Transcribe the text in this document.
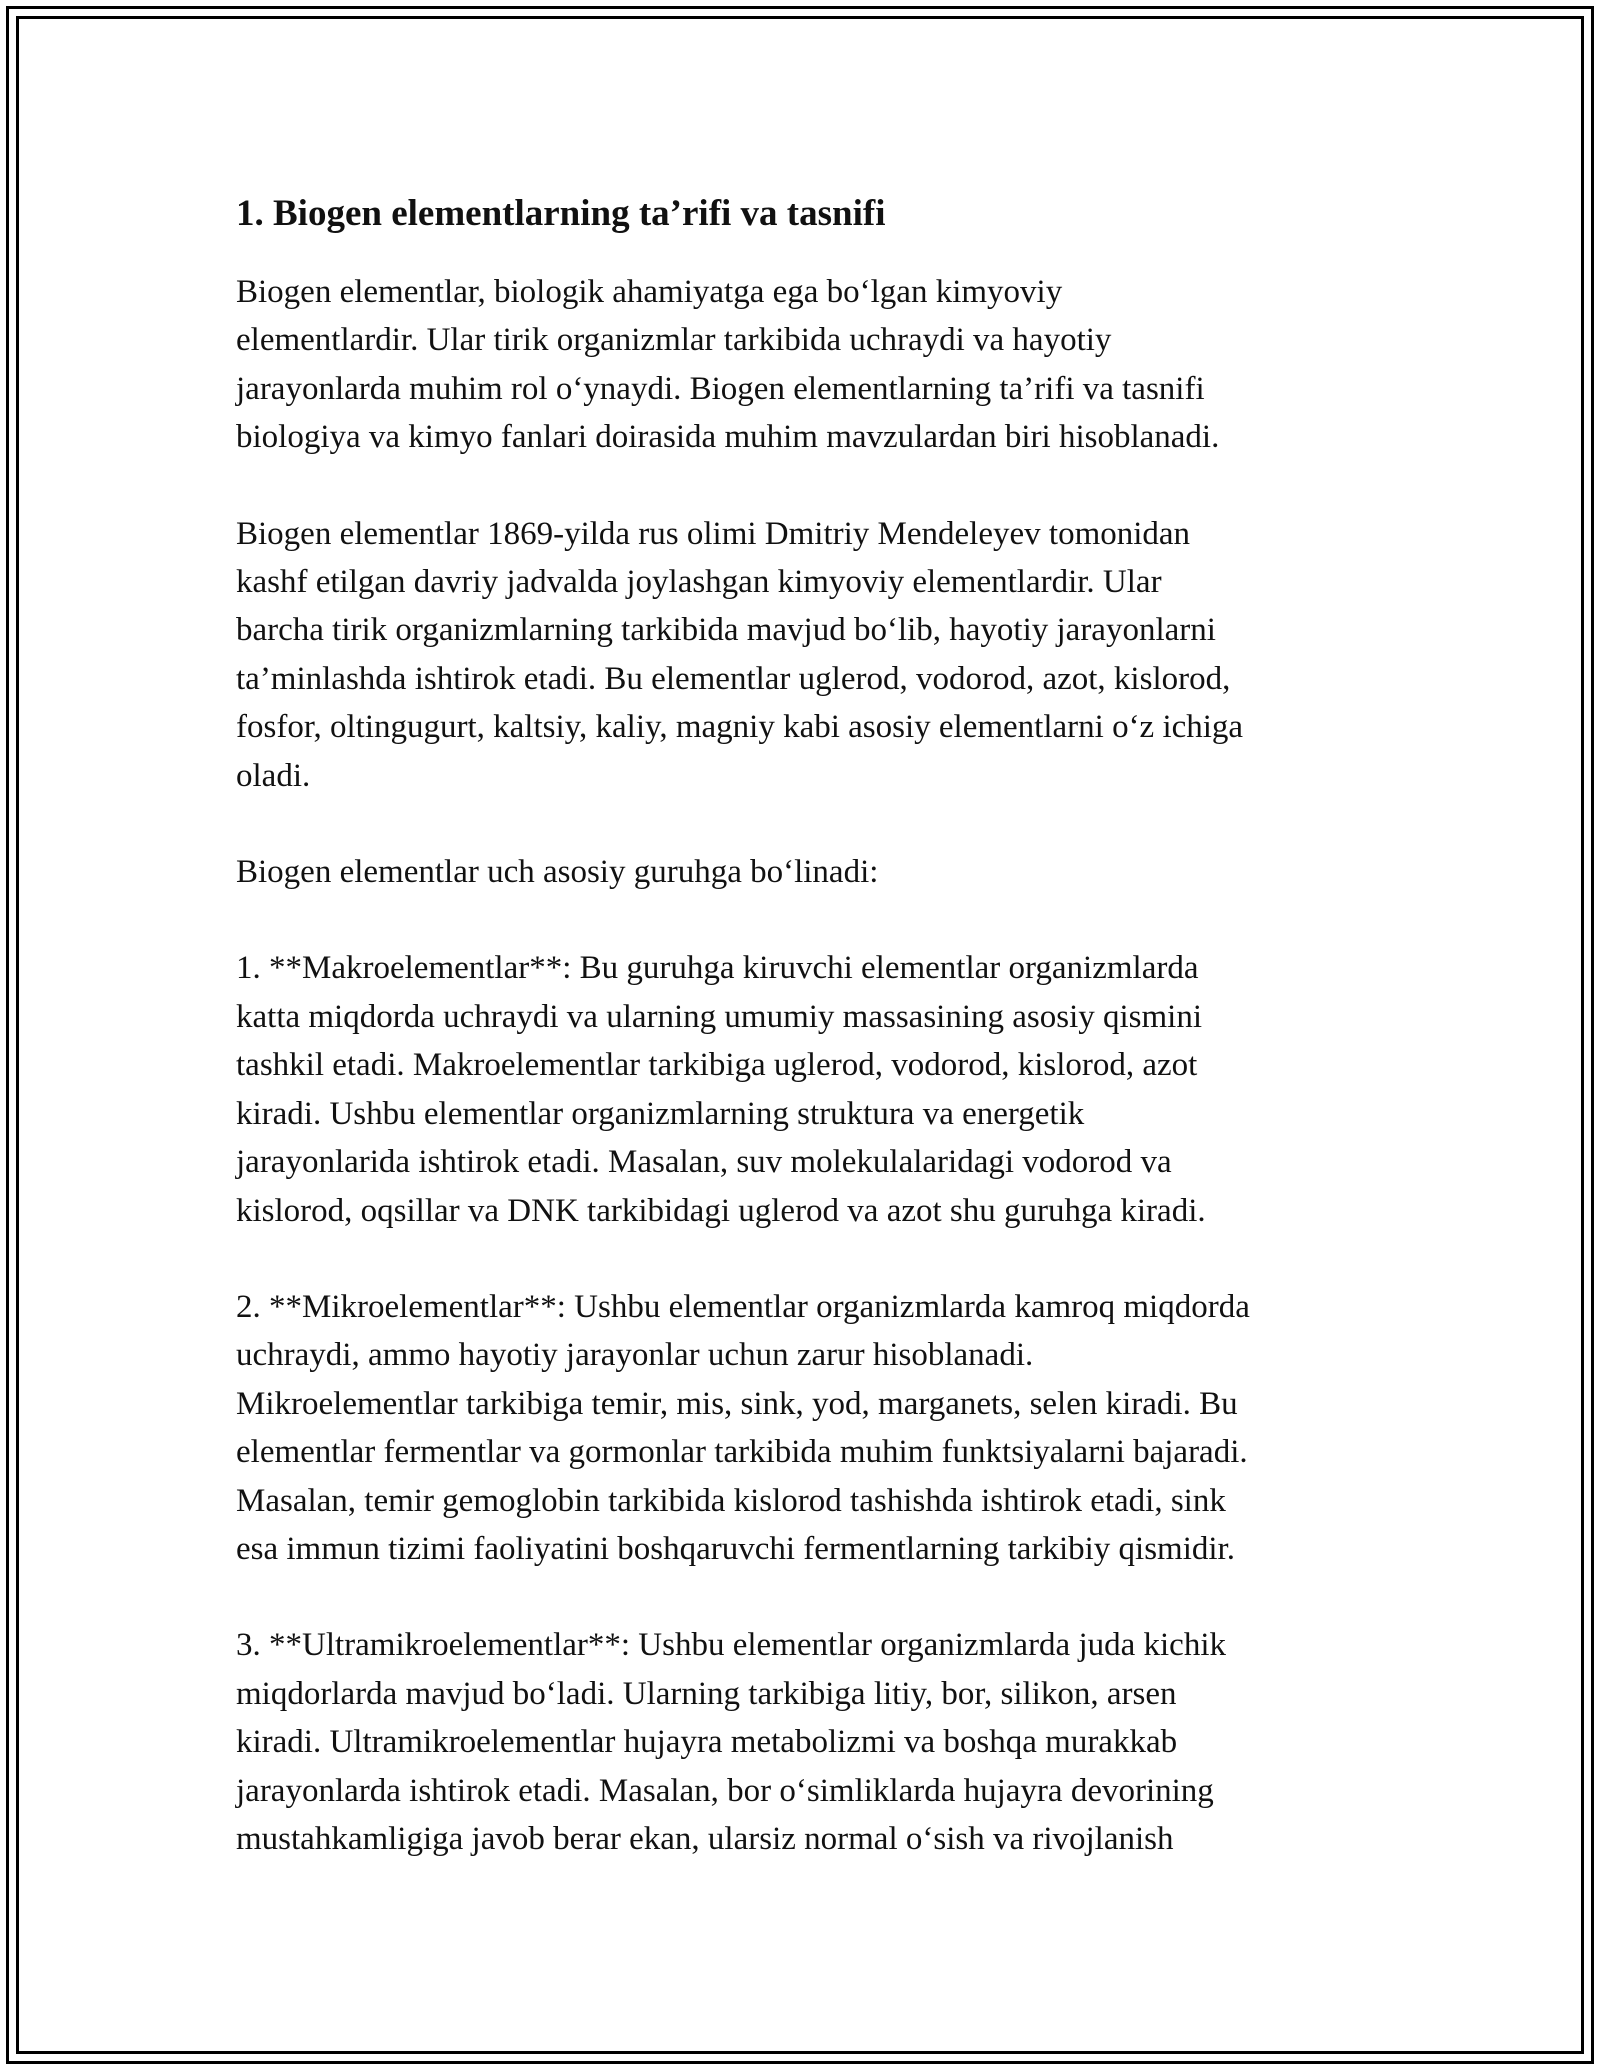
1. Biogen elementlarning ta’rifi va tasnifi

Biogen elementlar, biologik ahamiyatga ega bo‘lgan kimyoviy
elementlardir. Ular tirik organizmlar tarkibida uchraydi va hayotiy
jarayonlarda muhim rol o‘ynaydi. Biogen elementlarning ta’rifi va tasnifi
biologiya va kimyo fanlari doirasida muhim mavzulardan biri hisoblanadi.

Biogen elementlar 1869-yilda rus olimi Dmitriy Mendeleyev tomonidan
kashf etilgan davriy jadvalda joylashgan kimyoviy elementlardir. Ular
barcha tirik organizmlarning tarkibida mavjud bo‘lib, hayotiy jarayonlarni
ta’minlashda ishtirok etadi. Bu elementlar uglerod, vodorod, azot, kislorod,
fosfor, oltingugurt, kaltsiy, kaliy, magniy kabi asosiy elementlarni o‘z ichiga
oladi.

Biogen elementlar uch asosiy guruhga bo‘linadi:

1. **Makroelementlar**: Bu guruhga kiruvchi elementlar organizmlarda
katta miqdorda uchraydi va ularning umumiy massasining asosiy qismini
tashkil etadi. Makroelementlar tarkibiga uglerod, vodorod, kislorod, azot
kiradi. Ushbu elementlar organizmlarning struktura va energetik
jarayonlarida ishtirok etadi. Masalan, suv molekulalaridagi vodorod va
kislorod, oqsillar va DNK tarkibidagi uglerod va azot shu guruhga kiradi.

2. **Mikroelementlar**: Ushbu elementlar organizmlarda kamroq miqdorda
uchraydi, ammo hayotiy jarayonlar uchun zarur hisoblanadi.
Mikroelementlar tarkibiga temir, mis, sink, yod, marganets, selen kiradi. Bu
elementlar fermentlar va gormonlar tarkibida muhim funktsiyalarni bajaradi.
Masalan, temir gemoglobin tarkibida kislorod tashishda ishtirok etadi, sink
esa immun tizimi faoliyatini boshqaruvchi fermentlarning tarkibiy qismidir.

3. **Ultramikroelementlar**: Ushbu elementlar organizmlarda juda kichik
miqdorlarda mavjud bo‘ladi. Ularning tarkibiga litiy, bor, silikon, arsen
kiradi. Ultramikroelementlar hujayra metabolizmi va boshqa murakkab
jarayonlarda ishtirok etadi. Masalan, bor o‘simliklarda hujayra devorining
mustahkamligiga javob berar ekan, ularsiz normal o‘sish va rivojlanish
